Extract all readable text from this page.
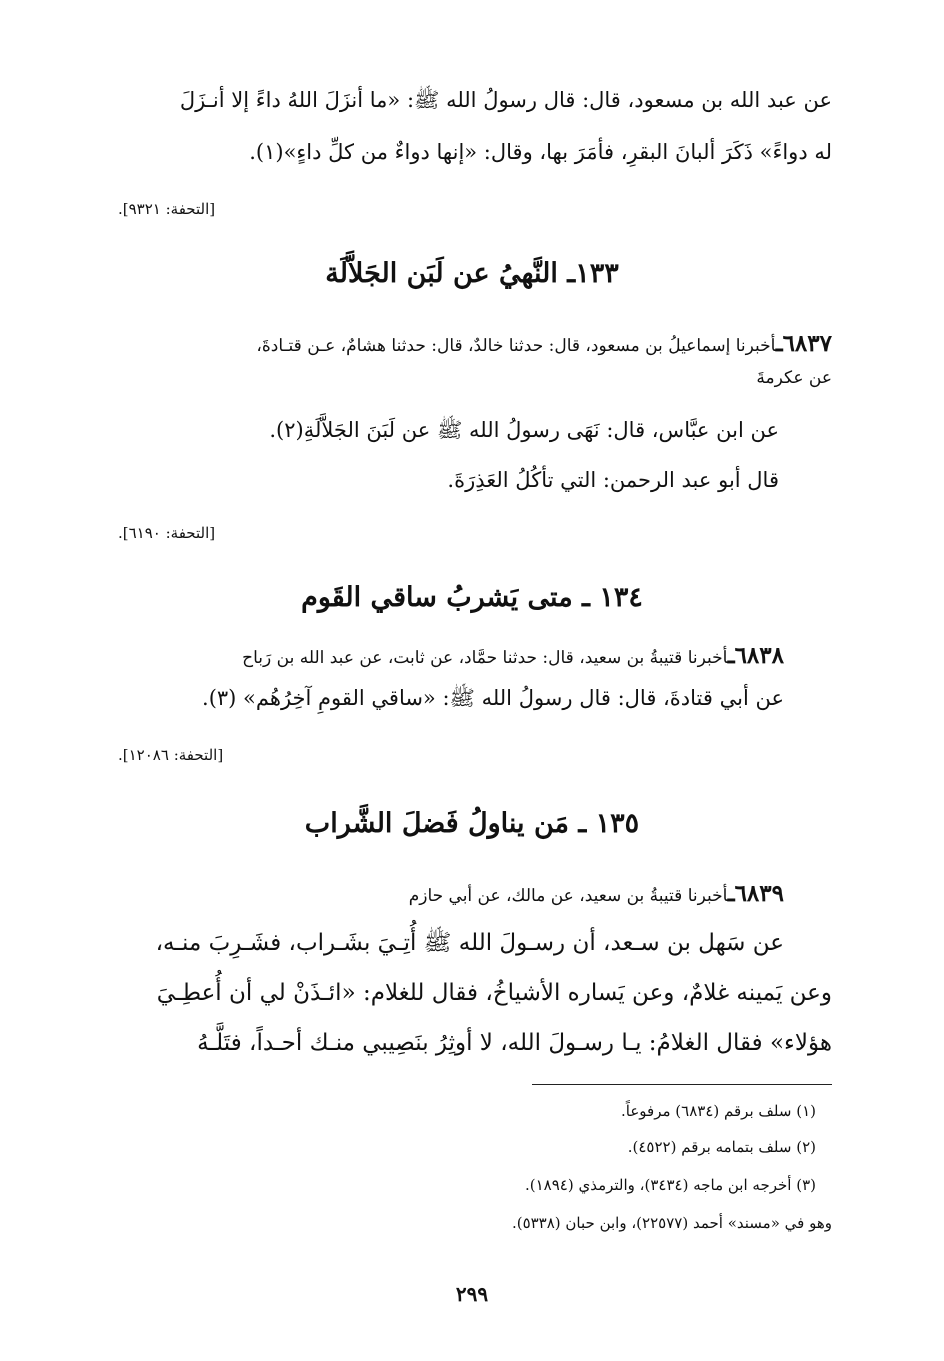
عن عبد الله بن مسعود، قال: قال رسولُ الله ﷺ: «ما أنزَلَ اللهُ داءً إلا أنـزَلَ
له دواءً» ذَكَرَ ألبانَ البقرِ، فأمَرَ بها، وقال: «إنها دواءٌ من كلِّ داءٍ»(١).
[التحفة: ٩٣٢١].
١٣٣ـ النَّهيُ عن لَبَن الجَلاَّلَة
٦٨٣٧ـأخبرنا إسماعيلُ بن مسعود، قال: حدثنا خالدٌ، قال: حدثنا هشامٌ، عـن قتـادةَ،
عن عكرمةَ
عن ابن عبَّاس، قال: نَهَى رسولُ الله ﷺ عن لَبَنَ الجَلاَّلَةِ(٢).
قال أبو عبد الرحمن: التي تأكُلُ العَذِرَةَ.
[التحفة: ٦١٩٠].
١٣٤ ـ متى يَشربُ ساقي القَوم
٦٨٣٨ـأخبرنا قتيبةُ بن سعيد، قال: حدثنا حمَّاد، عن ثابت، عن عبد الله بن رَباح
عن أبي قتادةَ، قال: قال رسولُ الله ﷺ: «ساقي القومِ آخِرُهُم» (٣).
[التحفة: ١٢٠٨٦].
١٣٥ ـ مَن يناولُ فَضلَ الشَّراب
٦٨٣٩ـأخبرنا قتيبةُ بن سعيد، عن مالك، عن أبي حازم
عن سَهل بن سـعد، أن رسـولَ الله ﷺ أُتِـيَ بشَـراب، فشَـرِبَ منـه،
وعن يَمينه غلامٌ، وعن يَساره الأشياخُ، فقال للغلام: «ائـذَنْ لي أن أُعطِـيَ
هؤلاء» فقال الغلامُ: يـا رسـولَ الله، لا أوثِرُ بنَصِيبي منـك أحـداً، فتَلَّـهُ
(١) سلف برقم (٦٨٣٤) مرفوعاً.
(٢) سلف بتمامه برقم (٤٥٢٢).
(٣) أخرجه ابن ماجه (٣٤٣٤)، والترمذي (١٨٩٤).
وهو في «مسند» أحمد (٢٢٥٧٧)، وابن حبان (٥٣٣٨).
٢٩٩
